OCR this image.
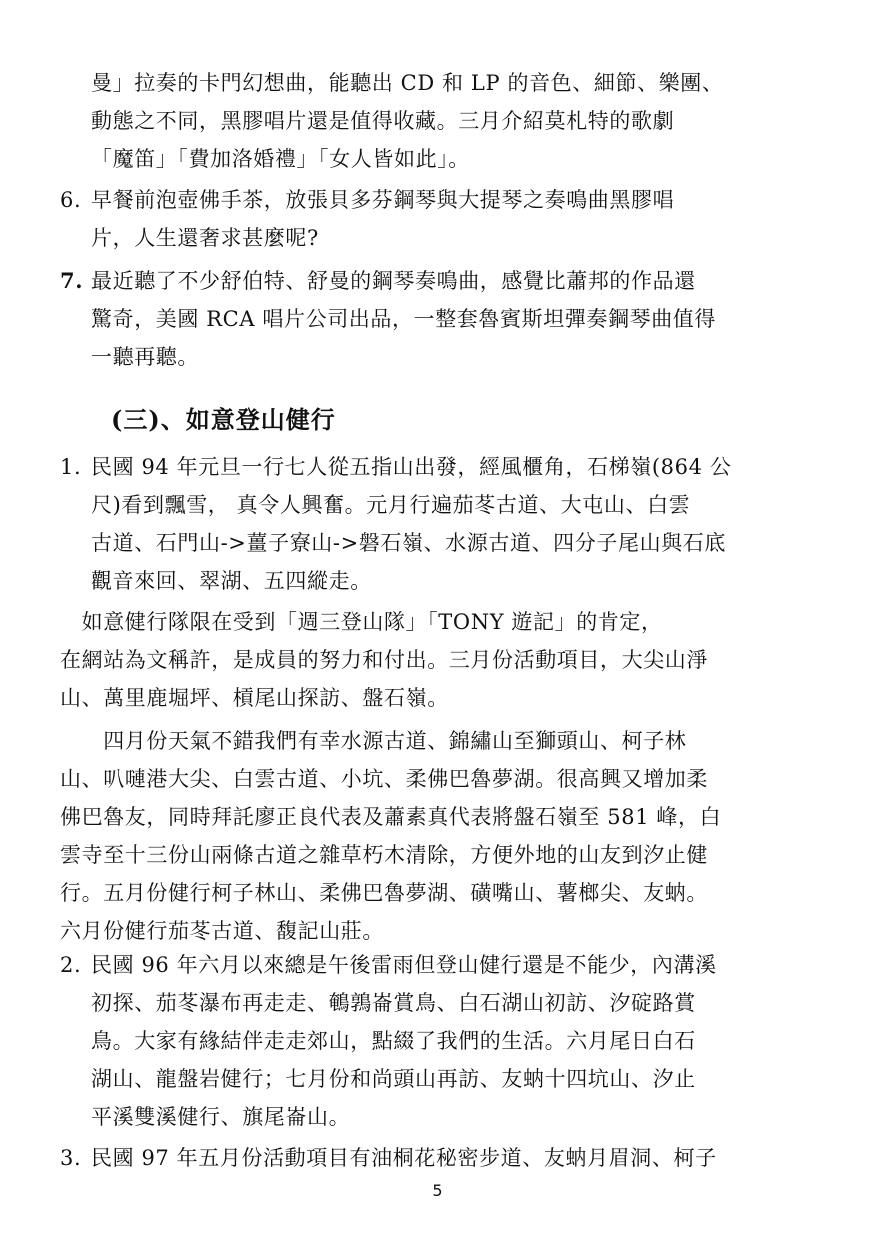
曼」拉奏的卡門幻想曲，能聽出 CD 和 LP 的音色、細節、樂團、
動態之不同，黑膠唱片還是值得收藏。三月介紹莫札特的歌劇
「魔笛」「費加洛婚禮」「女人皆如此」。
6. 早餐前泡壺佛手茶，放張貝多芬鋼琴與大提琴之奏鳴曲黑膠唱
片，人生還奢求甚麼呢?
7. 最近聽了不少舒伯特、舒曼的鋼琴奏鳴曲，感覺比蕭邦的作品還
驚奇，美國 RCA 唱片公司出品，一整套魯賓斯坦彈奏鋼琴曲值得
一聽再聽。
(三)、如意登山健行
1. 民國 94 年元旦一行七人從五指山出發，經風櫃角，石梯嶺(864 公
尺)看到飄雪， 真令人興奮。元月行遍茄苳古道、大屯山、白雲
古道、石門山->薑子寮山->磐石嶺、水源古道、四分子尾山與石底
觀音來回、翠湖、五四縱走。
　如意健行隊限在受到「週三登山隊」「TONY 遊記」的肯定，
在網站為文稱許，是成員的努力和付出。三月份活動項目，大尖山淨
山、萬里鹿堀坪、槓尾山探訪、盤石嶺。
　　四月份天氣不錯我們有幸水源古道、錦繡山至獅頭山、柯子林
山、叭嗹港大尖、白雲古道、小坑、柔佛巴魯夢湖。很高興又增加柔
佛巴魯友，同時拜託廖正良代表及蕭素真代表將盤石嶺至 581 峰，白
雲寺至十三份山兩條古道之雜草朽木清除，方便外地的山友到汐止健
行。五月份健行柯子林山、柔佛巴魯夢湖、磺嘴山、薯榔尖、友蚋。
六月份健行茄苳古道、馥記山莊。
2. 民國 96 年六月以來總是午後雷雨但登山健行還是不能少，內溝溪
初探、茄苳瀑布再走走、鵪鶉崙賞鳥、白石湖山初訪、汐碇路賞
鳥。大家有緣結伴走走郊山，點綴了我們的生活。六月尾日白石
湖山、龍盤岩健行；七月份和尚頭山再訪、友蚋十四坑山、汐止
平溪雙溪健行、旗尾崙山。
3. 民國 97 年五月份活動項目有油桐花秘密步道、友蚋月眉洞、柯子
5
